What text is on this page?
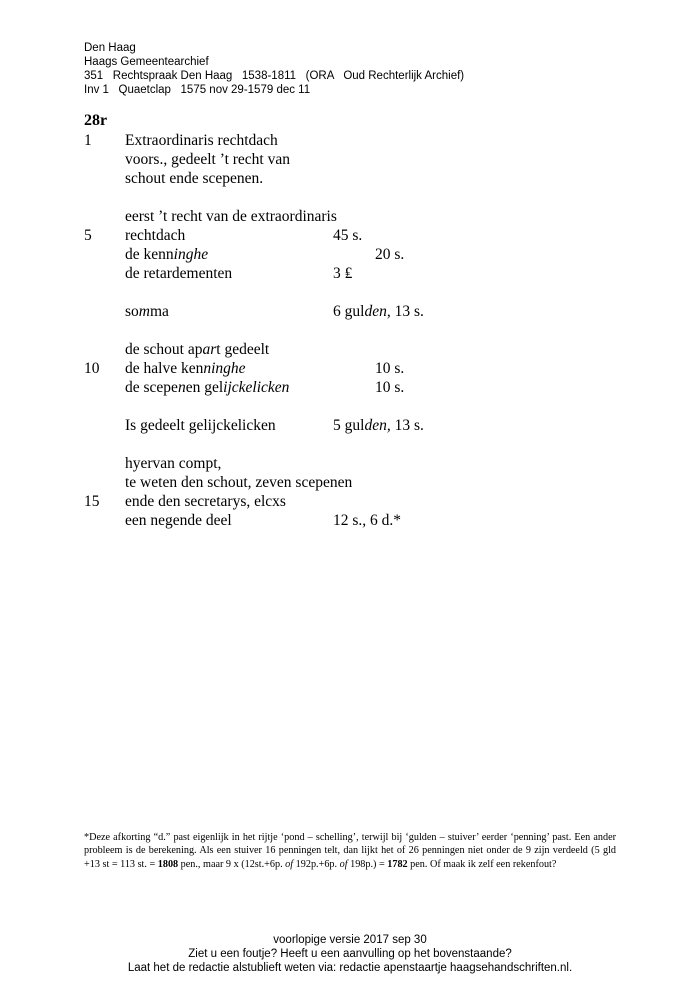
Den Haag
Haags Gemeentearchief
351   Rechtspraak Den Haag   1538-1811   (ORA   Oud Rechterlijk Archief)
Inv 1   Quaetclap   1575 nov 29-1579 dec 11
28r
1 Extraordinaris rechtdach
voors., gedeelt ’t recht van
schout ende scepenen.
eerst ’t recht van de extraordinaris
5 rechtdach	45 s.
de kenninghe	20 s.
de retardementen	3 ₤
somma	6 gulden, 13 s.
de schout apart gedeelt
10 de halve kenninghe	10 s.
de scepenen gelijckelicken	10 s.
Is gedeelt gelijckelicken	5 gulden, 13 s.
hyervan compt,
te weten den schout, zeven scepenen
15 ende den secretarys, elcxs
een negende deel	12 s., 6 d.*
*Deze afkorting “d.” past eigenlijk in het rijtje ‘pond – schelling’, terwijl bij ‘gulden – stuiver’ eerder ‘penning’ past. Een ander probleem is de berekening. Als een stuiver 16 penningen telt, dan lijkt het of 26 penningen niet onder de 9 zijn verdeeld (5 gld +13 st = 113 st. = 1808 pen., maar 9 x (12st.+6p. of 192p.+6p. of 198p.) = 1782 pen. Of maak ik zelf een rekenfout?
voorlopige versie 2017 sep 30
Ziet u een foutje? Heeft u een aanvulling op het bovenstaande?
Laat het de redactie alstublieft weten via: redactie apenstaartje haagsehandschriften.nl.
